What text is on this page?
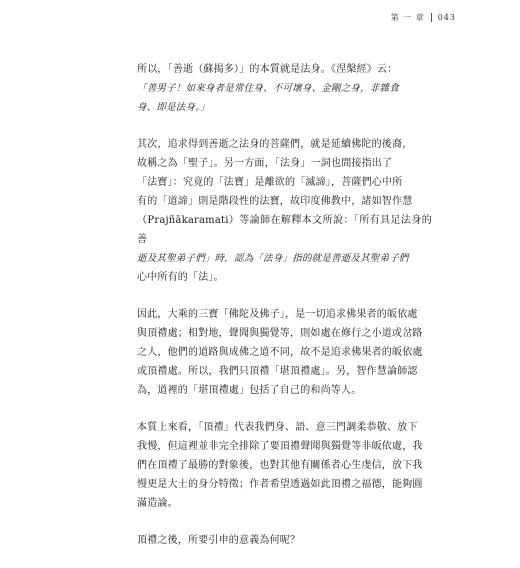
第 一 章 043

所以，「善逝（蘇揭多）」的本質就是法身。《涅槃經》云：

「善男子！如來身者是常住身、不可壞身、金剛之身，非雜食

身、即是法身。」

其次，追求得到善逝之法身的菩薩們，就是延續佛陀的後裔，

故稱之為「聖子」。另一方面，「法身」一詞也間接指出了

「法寶」：究竟的「法寶」是離欲的「滅諦」，菩薩們心中所

有的「道諦」則是階段性的法寶，故印度佛教中，諸如智作慧

（Prajñākaramati）等論師在解釋本文所說：「所有具足法身的善

逝及其聖弟子們」時，認為「法身」指的就是善逝及其聖弟子們

心中所有的「法」。

因此，大乘的三寶「佛陀及佛子」，是一切追求佛果者的皈依處

與頂禮處；相對地，聲聞與獨覺等，則如處在修行之小道或岔路

之人，他們的道路與成佛之道不同，故不是追求佛果者的皈依處

或頂禮處。所以，我們只頂禮「堪頂禮處」。另，智作慧論師認

為，道裡的「堪頂禮處」包括了自己的和尚等人。

本質上來看，「頂禮」代表我們身、語、意三門調柔恭敬、放下

我慢，但這裡並非完全排除了要頂禮聲聞與獨覺等非皈依處，我

們在頂禮了最勝的對象後，也對其他有關係者心生虔信，放下我

慢更是大士的身分特徵；作者希望透過如此頂禮之福德，能夠圓

滿造論。

頂禮之後，所要引申的意義為何呢？
